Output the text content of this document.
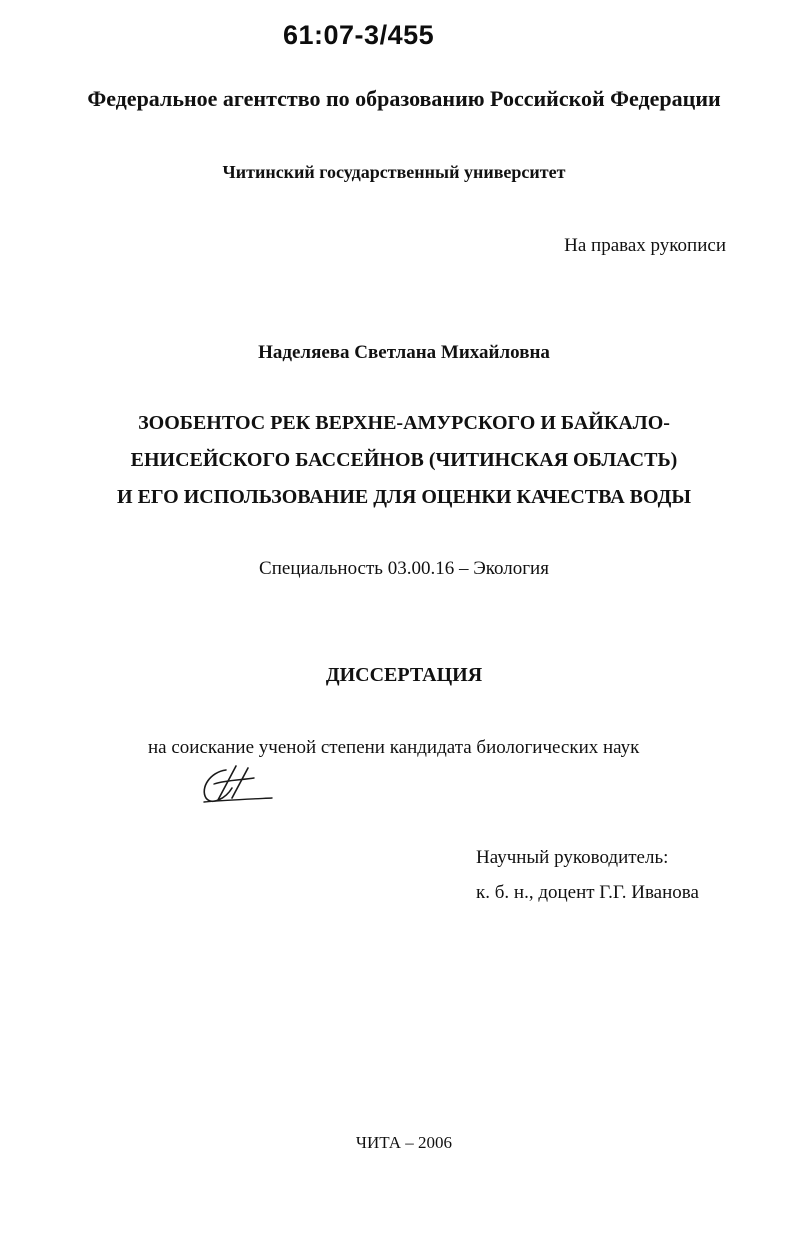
61:07-3/455
Федеральное агентство по образованию Российской Федерации
Читинский государственный университет
На правах рукописи
Наделяева Светлана Михайловна
ЗООБЕНТОС РЕК ВЕРХНЕ-АМУРСКОГО И БАЙКАЛО-
ЕНИСЕЙСКОГО БАССЕЙНОВ (ЧИТИНСКАЯ ОБЛАСТЬ)
И ЕГО ИСПОЛЬЗОВАНИЕ ДЛЯ ОЦЕНКИ КАЧЕСТВА ВОДЫ
Специальность 03.00.16 – Экология
ДИССЕРТАЦИЯ
на соискание ученой степени кандидата биологических наук
Научный руководитель:
к. б. н., доцент Г.Г. Иванова
ЧИТА – 2006
